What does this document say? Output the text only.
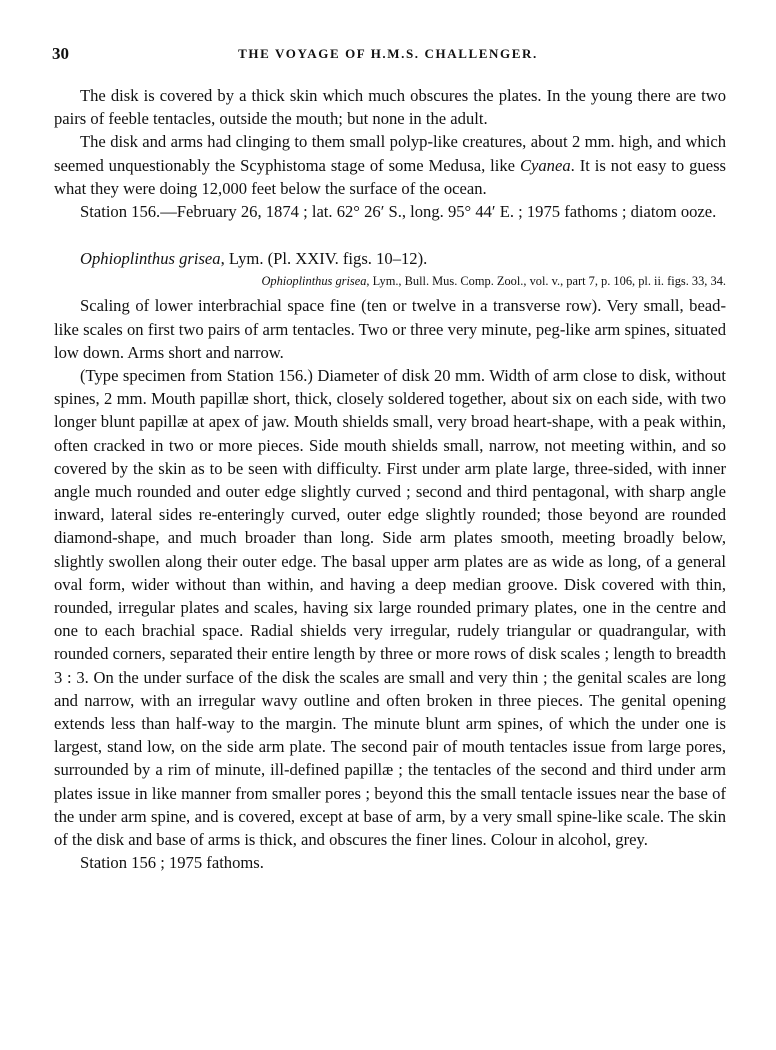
30	THE VOYAGE OF H.M.S. CHALLENGER.

The disk is covered by a thick skin which much obscures the plates. In the young there are two pairs of feeble tentacles, outside the mouth; but none in the adult.

The disk and arms had clinging to them small polyp-like creatures, about 2 mm. high, and which seemed unquestionably the Scyphistoma stage of some Medusa, like Cyanea. It is not easy to guess what they were doing 12,000 feet below the surface of the ocean.

Station 156.—February 26, 1874 ; lat. 62° 26′ S., long. 95° 44′ E. ; 1975 fathoms ; diatom ooze.

Ophioplinthus grisea, Lym. (Pl. XXIV. figs. 10–12).
Ophioplinthus grisea, Lym., Bull. Mus. Comp. Zool., vol. v., part 7, p. 106, pl. ii. figs. 33, 34.

Scaling of lower interbrachial space fine (ten or twelve in a transverse row). Very small, bead-like scales on first two pairs of arm tentacles. Two or three very minute, peg-like arm spines, situated low down. Arms short and narrow.

(Type specimen from Station 156.) Diameter of disk 20 mm. Width of arm close to disk, without spines, 2 mm. Mouth papillæ short, thick, closely soldered together, about six on each side, with two longer blunt papillæ at apex of jaw. Mouth shields small, very broad heart-shape, with a peak within, often cracked in two or more pieces. Side mouth shields small, narrow, not meeting within, and so covered by the skin as to be seen with difficulty. First under arm plate large, three-sided, with inner angle much rounded and outer edge slightly curved ; second and third pentagonal, with sharp angle inward, lateral sides re-enteringly curved, outer edge slightly rounded; those beyond are rounded diamond-shape, and much broader than long. Side arm plates smooth, meeting broadly below, slightly swollen along their outer edge. The basal upper arm plates are as wide as long, of a general oval form, wider without than within, and having a deep median groove. Disk covered with thin, rounded, irregular plates and scales, having six large rounded primary plates, one in the centre and one to each brachial space. Radial shields very irregular, rudely triangular or quadrangular, with rounded corners, separated their entire length by three or more rows of disk scales ; length to breadth 3 : 3. On the under surface of the disk the scales are small and very thin ; the genital scales are long and narrow, with an irregular wavy outline and often broken in three pieces. The genital opening extends less than half-way to the margin. The minute blunt arm spines, of which the under one is largest, stand low, on the side arm plate. The second pair of mouth tentacles issue from large pores, surrounded by a rim of minute, ill-defined papillæ ; the tentacles of the second and third under arm plates issue in like manner from smaller pores ; beyond this the small tentacle issues near the base of the under arm spine, and is covered, except at base of arm, by a very small spine-like scale. The skin of the disk and base of arms is thick, and obscures the finer lines. Colour in alcohol, grey.

Station 156 ; 1975 fathoms.
